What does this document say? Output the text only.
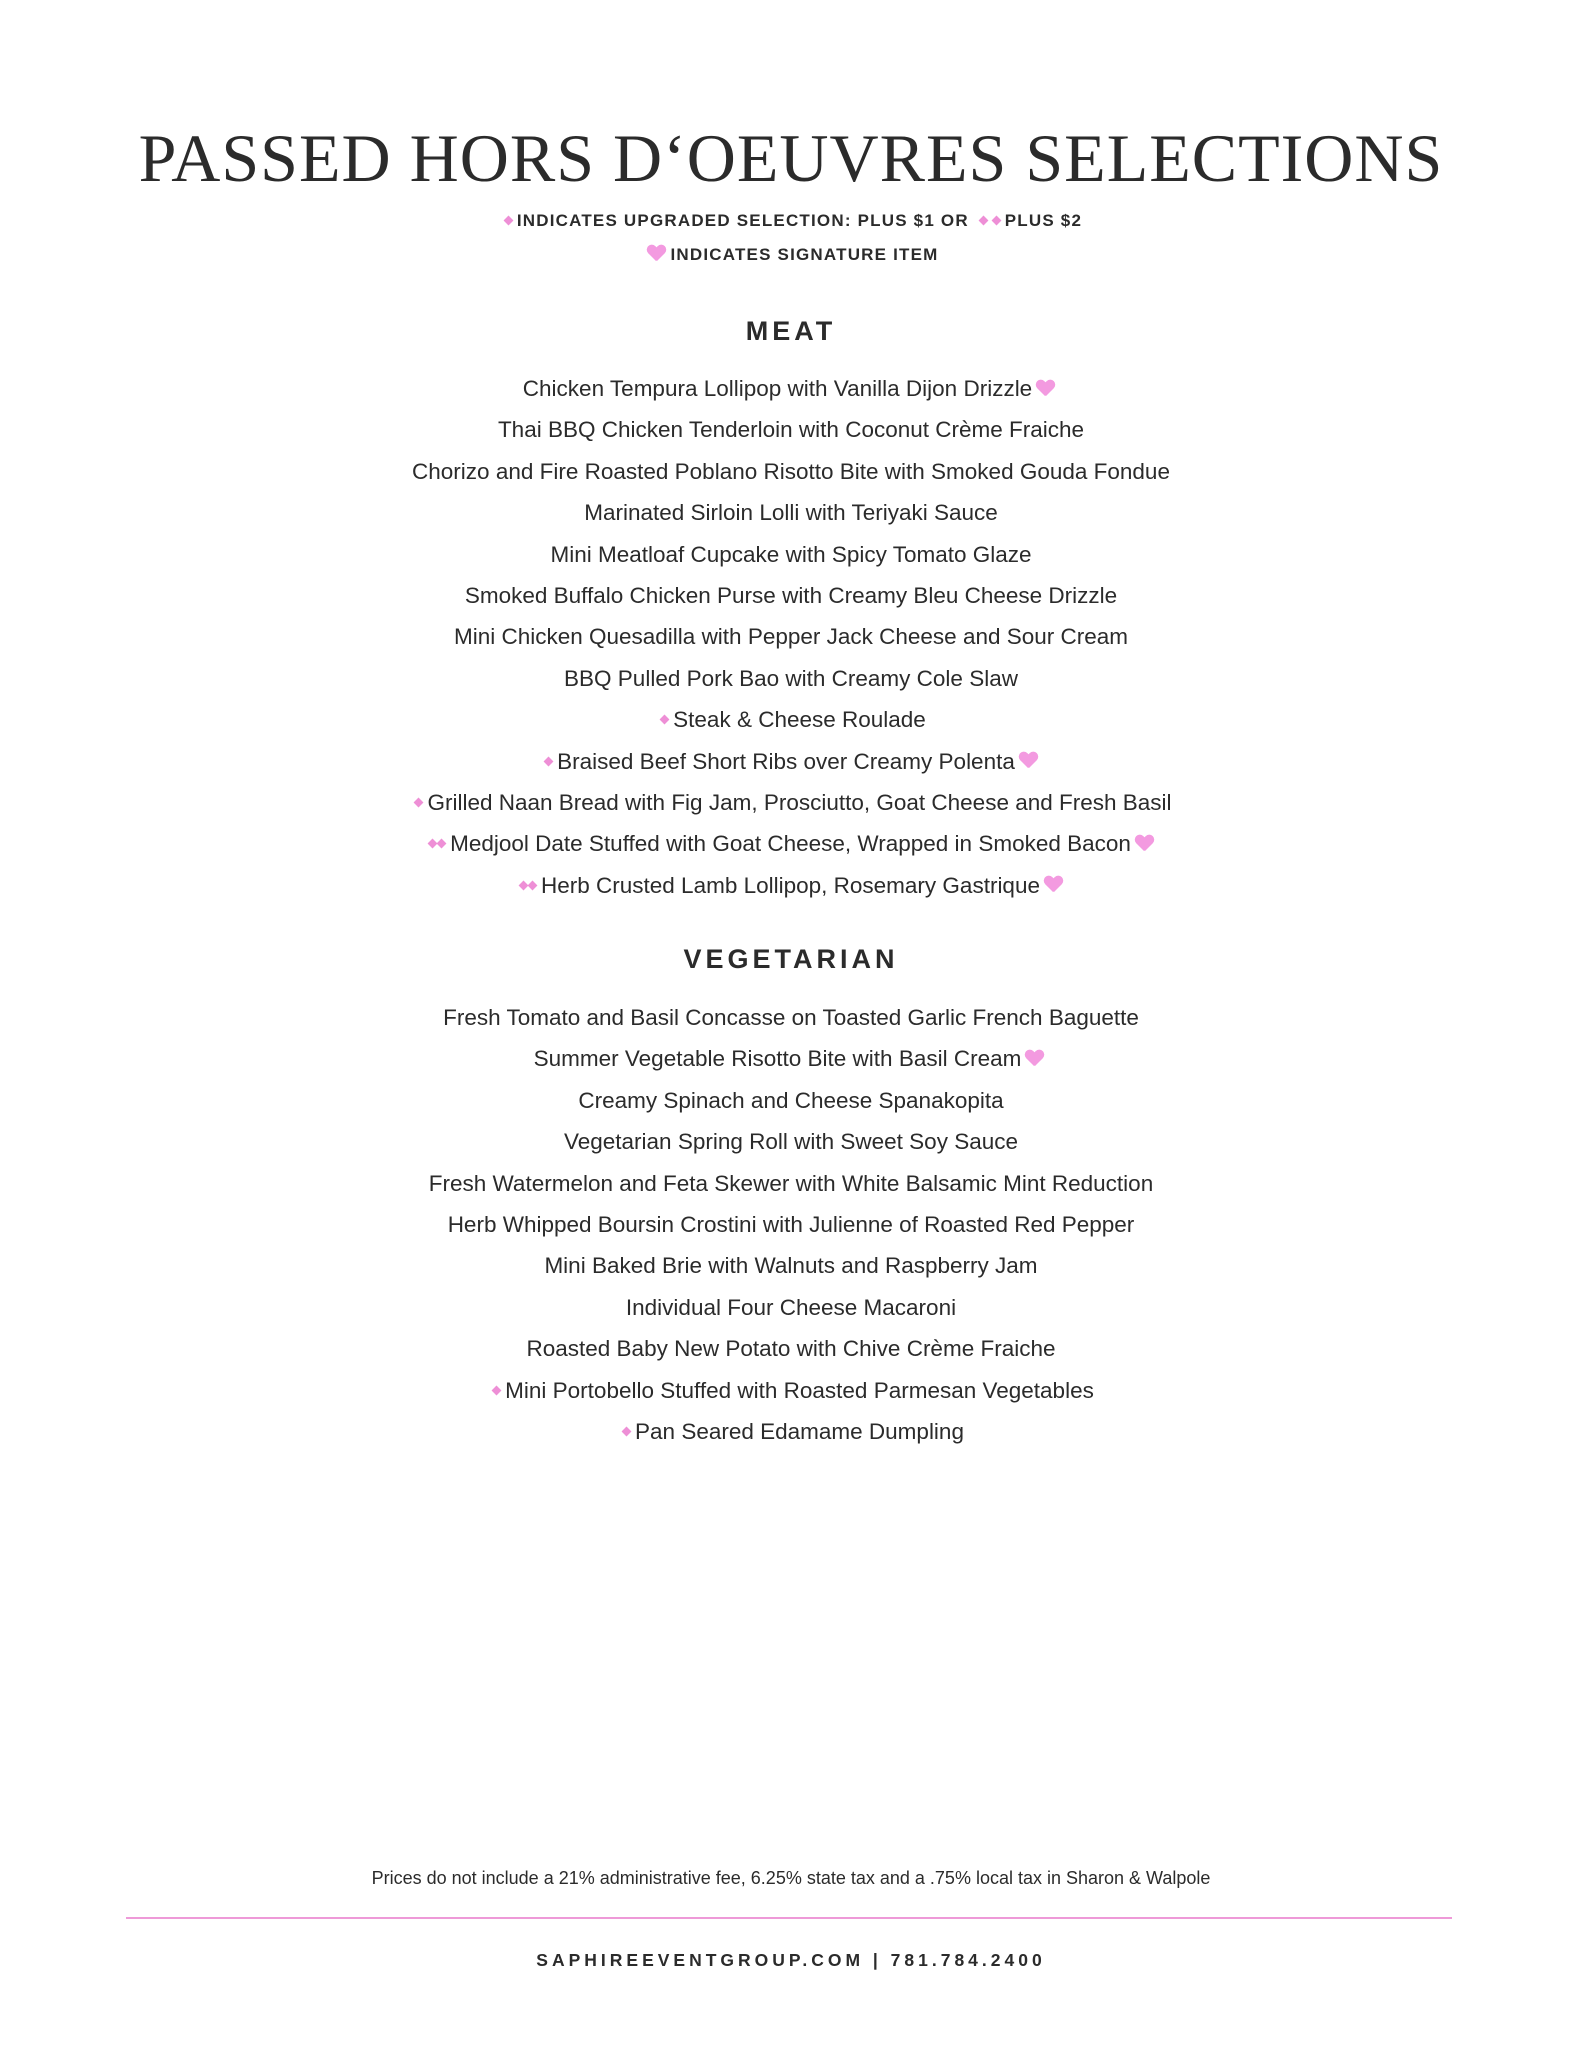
PASSED HORS D‘OEUVRES SELECTIONS
INDICATES UPGRADED SELECTION: PLUS $1 OR PLUS $2
INDICATES SIGNATURE ITEM
MEAT
Chicken Tempura Lollipop with Vanilla Dijon Drizzle
Thai BBQ Chicken Tenderloin with Coconut Crème Fraiche
Chorizo and Fire Roasted Poblano Risotto Bite with Smoked Gouda Fondue
Marinated Sirloin Lolli with Teriyaki Sauce
Mini Meatloaf Cupcake with Spicy Tomato Glaze
Smoked Buffalo Chicken Purse with Creamy Bleu Cheese Drizzle
Mini Chicken Quesadilla with Pepper Jack Cheese and Sour Cream
BBQ Pulled Pork Bao with Creamy Cole Slaw
Steak & Cheese Roulade
Braised Beef Short Ribs over Creamy Polenta
Grilled Naan Bread with Fig Jam, Prosciutto, Goat Cheese and Fresh Basil
Medjool Date Stuffed with Goat Cheese, Wrapped in Smoked Bacon
Herb Crusted Lamb Lollipop, Rosemary Gastrique
VEGETARIAN
Fresh Tomato and Basil Concasse on Toasted Garlic French Baguette
Summer Vegetable Risotto Bite with Basil Cream
Creamy Spinach and Cheese Spanakopita
Vegetarian Spring Roll with Sweet Soy Sauce
Fresh Watermelon and Feta Skewer with White Balsamic Mint Reduction
Herb Whipped Boursin Crostini with Julienne of Roasted Red Pepper
Mini Baked Brie with Walnuts and Raspberry Jam
Individual Four Cheese Macaroni
Roasted Baby New Potato with Chive Crème Fraiche
Mini Portobello Stuffed with Roasted Parmesan Vegetables
Pan Seared Edamame Dumpling
Prices do not include a 21% administrative fee, 6.25% state tax and a .75% local tax in Sharon & Walpole
SAPHIREEVENTGROUP.COM | 781.784.2400
